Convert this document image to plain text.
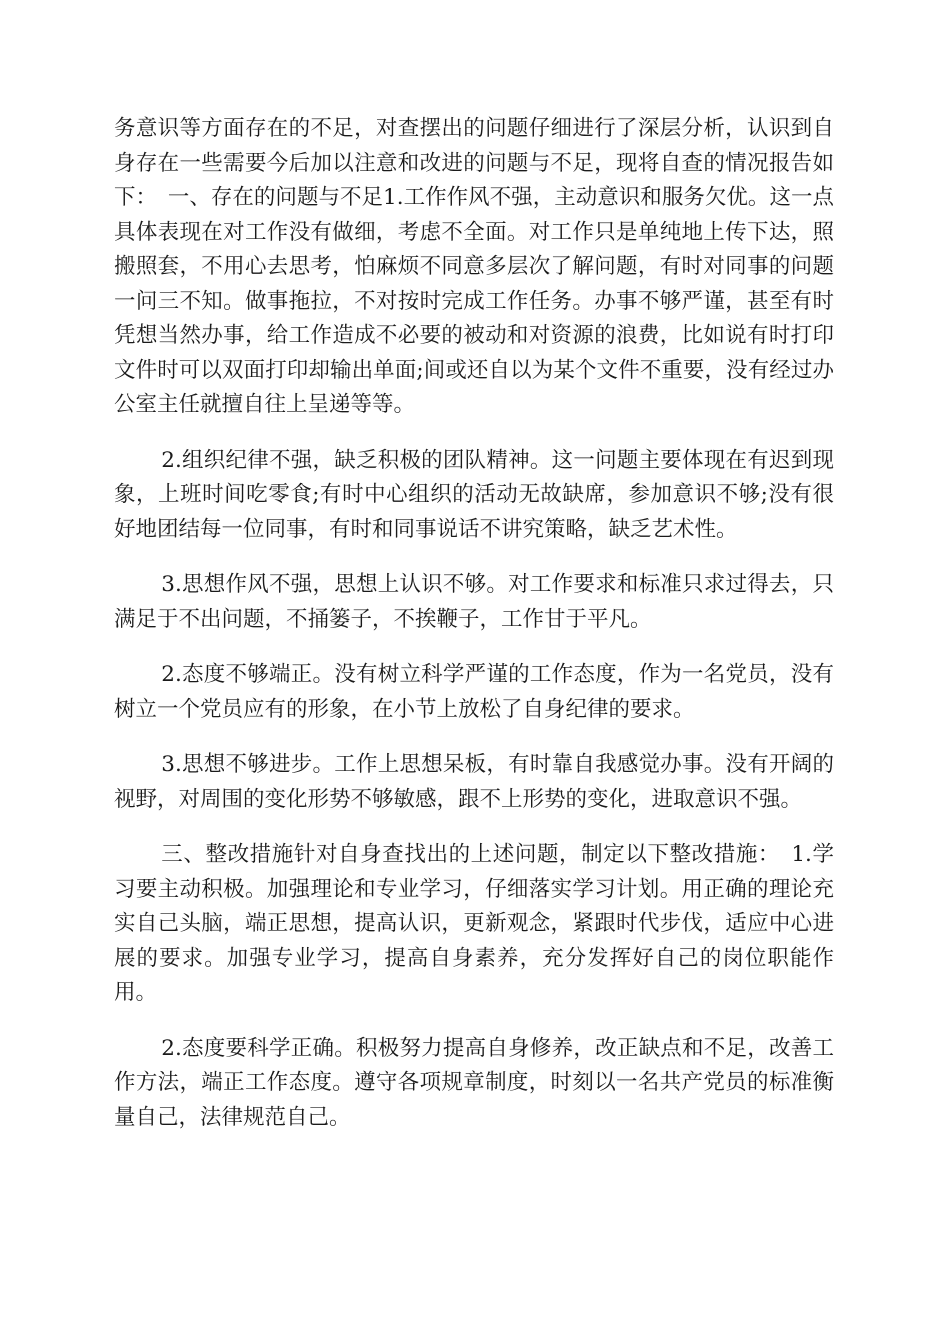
务意识等方面存在的不足，对查摆出的问题仔细进行了深层分析，认识到自身存在一些需要今后加以注意和改进的问题与不足，现将自查的情况报告如下：　一、存在的问题与不足1.工作作风不强，主动意识和服务欠优。这一点具体表现在对工作没有做细，考虑不全面。对工作只是单纯地上传下达，照搬照套，不用心去思考，怕麻烦不同意多层次了解问题，有时对同事的问题一问三不知。做事拖拉，不对按时完成工作任务。办事不够严谨，甚至有时凭想当然办事，给工作造成不必要的被动和对资源的浪费，比如说有时打印文件时可以双面打印却输出单面;间或还自以为某个文件不重要，没有经过办公室主任就擅自往上呈递等等。

2.组织纪律不强，缺乏积极的团队精神。这一问题主要体现在有迟到现象，上班时间吃零食;有时中心组织的活动无故缺席，参加意识不够;没有很好地团结每一位同事，有时和同事说话不讲究策略，缺乏艺术性。

3.思想作风不强，思想上认识不够。对工作要求和标准只求过得去，只满足于不出问题，不捅篓子，不挨鞭子，工作甘于平凡。

2.态度不够端正。没有树立科学严谨的工作态度，作为一名党员，没有树立一个党员应有的形象，在小节上放松了自身纪律的要求。

3.思想不够进步。工作上思想呆板，有时靠自我感觉办事。没有开阔的视野，对周围的变化形势不够敏感，跟不上形势的变化，进取意识不强。

三、整改措施针对自身查找出的上述问题，制定以下整改措施：　1.学习要主动积极。加强理论和专业学习，仔细落实学习计划。用正确的理论充实自己头脑，端正思想，提高认识，更新观念，紧跟时代步伐，适应中心进展的要求。加强专业学习，提高自身素养，充分发挥好自己的岗位职能作用。

2.态度要科学正确。积极努力提高自身修养，改正缺点和不足，改善工作方法，端正工作态度。遵守各项规章制度，时刻以一名共产党员的标准衡量自己，法律规范自己。
